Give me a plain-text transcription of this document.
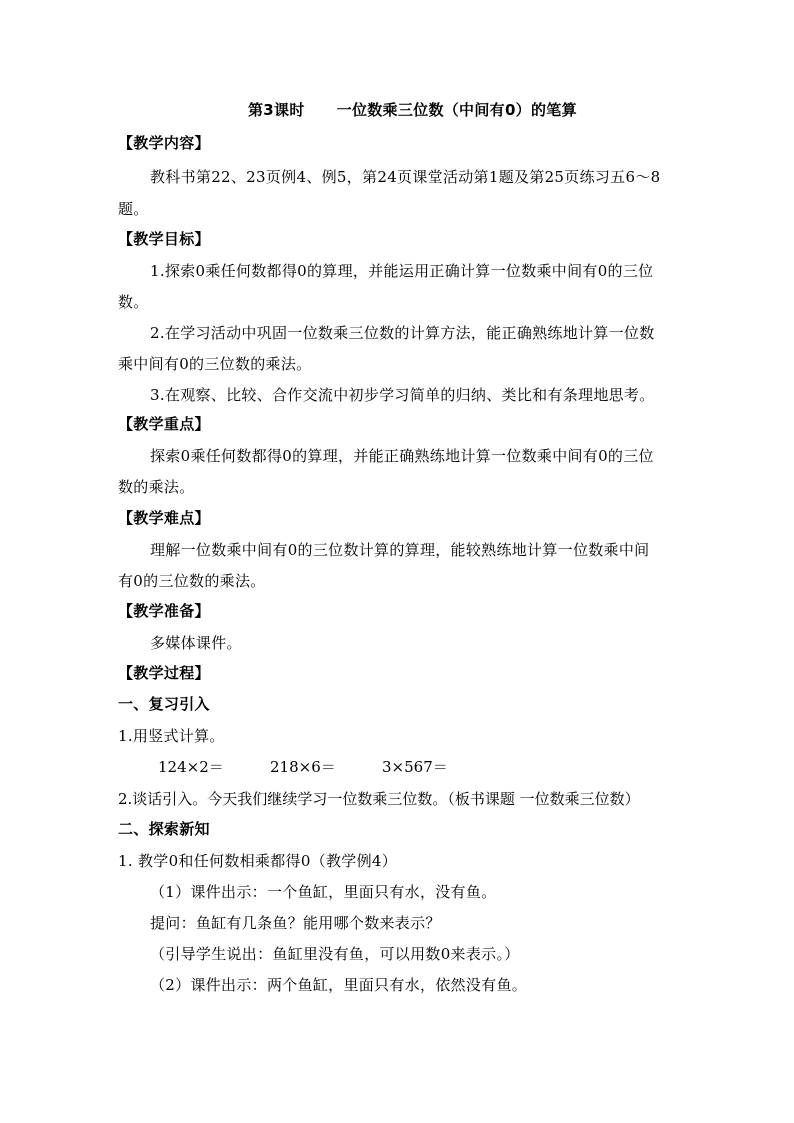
第3课时 一位数乘三位数（中间有0）的笔算
【教学内容】
教科书第22、23页例4、例5，第24页课堂活动第1题及第25页练习五6～8
题。
【教学目标】
1.探索0乘任何数都得0的算理，并能运用正确计算一位数乘中间有0的三位
数。
2.在学习活动中巩固一位数乘三位数的计算方法，能正确熟练地计算一位数
乘中间有0的三位数的乘法。
3.在观察、比较、合作交流中初步学习简单的归纳、类比和有条理地思考。
【教学重点】
探索0乘任何数都得0的算理，并能正确熟练地计算一位数乘中间有0的三位
数的乘法。
【教学难点】
理解一位数乘中间有0的三位数计算的算理，能较熟练地计算一位数乘中间
有0的三位数的乘法。
【教学准备】
多媒体课件。
【教学过程】
一、复习引入
1.用竖式计算。
124×2＝	218×6＝	3×567＝
2.谈话引入。今天我们继续学习一位数乘三位数。（板书课题 一位数乘三位数）
二、探索新知
1. 教学0和任何数相乘都得0（教学例4）
（1）课件出示：一个鱼缸，里面只有水，没有鱼。
提问：鱼缸有几条鱼？能用哪个数来表示？
（引导学生说出：鱼缸里没有鱼，可以用数0来表示。）
（2）课件出示：两个鱼缸，里面只有水，依然没有鱼。
